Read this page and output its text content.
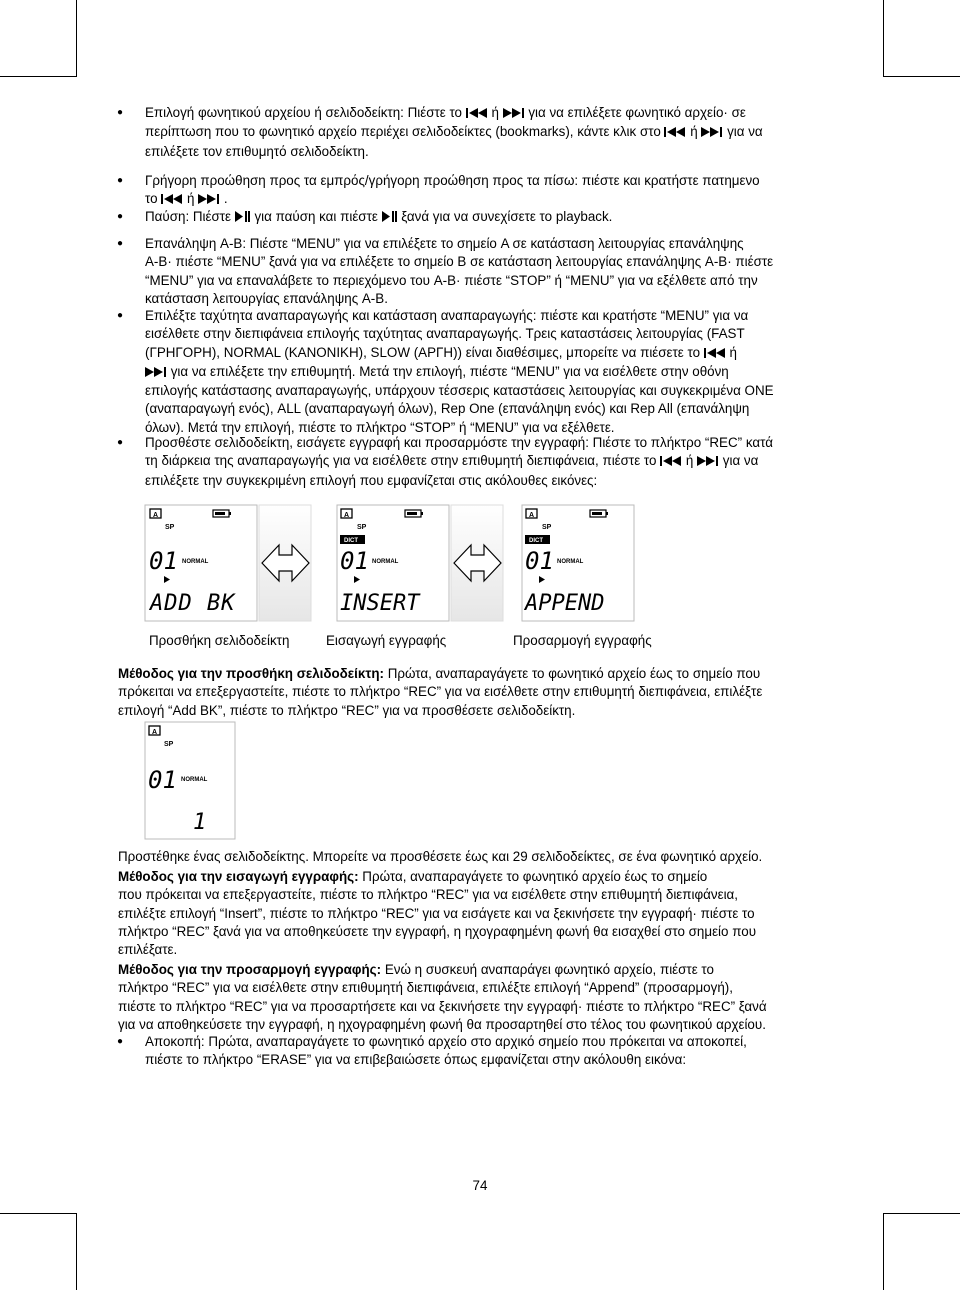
●
●
●
●
●
●
●
Επιλογή φωνητικού αρχείου ή σελιδοδείκτη: Πιέστε το  ή  για να επιλέξετε φωνητικό αρχείο· σε
περίπτωση που το φωνητικό αρχείο περιέχει σελιδοδείκτες (bookmarks), κάντε κλικ στο  ή  για να
επιλέξετε τον επιθυμητό σελιδοδείκτη.
Γρήγορη προώθηση προς τα εμπρός/γρήγορη προώθηση προς τα πίσω: πιέστε και κρατήστε πατημενο
το  ή  .
Παύση: Πιέστε  για παύση και πιέστε  ξανά για να συνεχίσετε το playback.
Επανάληψη A-B: Πιέστε “MENU” για να επιλέξετε το σημείο A σε κατάσταση λειτουργίας επανάληψης
A-B· πιέστε “MENU” ξανά για να επιλέξετε το σημείο B σε κατάσταση λειτουργίας επανάληψης A-B· πιέστε
“MENU” για να επαναλάβετε το περιεχόμενο του A-B· πιέστε “STOP” ή “MENU” για να εξέλθετε από την
κατάσταση λειτουργίας επανάληψης A-B.
Επιλέξτε ταχύτητα αναπαραγωγής και κατάσταση αναπαραγωγής: πιέστε και κρατήστε “MENU” για να
εισέλθετε στην διεπιφάνεια επιλογής ταχύτητας αναπαραγωγής. Τρεις καταστάσεις λειτουργίας (FAST
(ΓΡΗΓΟΡΗ), NORMAL (ΚΑΝΟΝΙΚΗ), SLOW (ΑΡΓΗ)) είναι διαθέσιμες, μπορείτε να πιέσετε το  ή
για να επιλέξετε την επιθυμητή. Μετά την επιλογή, πιέστε “MENU” για να εισέλθετε στην οθόνη
επιλογής κατάστασης αναπαραγωγής, υπάρχουν τέσσερις καταστάσεις λειτουργίας και συγκεκριμένα ONE
(αναπαραγωγή ενός), ALL (αναπαραγωγή όλων), Rep One (επανάληψη ενός) και Rep All (επανάληψη
όλων). Μετά την επιλογή, πιέστε το πλήκτρο “STOP” ή “MENU” για να εξέλθετε.
Προσθέστε σελιδοδείκτη, εισάγετε εγγραφή και προσαρμόστε την εγγραφή: Πιέστε το πλήκτρο “REC” κατά
τη διάρκεια της αναπαραγωγής για να εισέλθετε στην επιθυμητή διεπιφάνεια, πιέστε το  ή  για να
επιλέξετε την συγκεκριμένη επιλογή που εμφανίζεται στις ακόλουθες εικόνες:
A
SP
01 NORMAL
ADD BK
A
SP
DICT
01 NORMAL
INSERT
A
SP
DICT
01 NORMAL
APPEND
A
SP
01 NORMAL
1
Προσθήκη σελιδοδείκτη	Εισαγωγή εγγραφής	Προσαρμογή εγγραφής
Μέθοδος για την προσθήκη σελιδοδείκτη: Πρώτα, αναπαραγάγετε το φωνητικό αρχείο έως το σημείο που
πρόκειται να επεξεργαστείτε, πιέστε το πλήκτρο “REC” για να εισέλθετε στην επιθυμητή διεπιφάνεια, επιλέξτε
επιλογή “Add BK”, πιέστε το πλήκτρο “REC” για να προσθέσετε σελιδοδείκτη.
Προστέθηκε ένας σελιδοδείκτης. Μπορείτε να προσθέσετε έως και 29 σελιδοδείκτες, σε ένα φωνητικό αρχείο.
Μέθοδος για την εισαγωγή εγγραφής: Πρώτα, αναπαραγάγετε το φωνητικό αρχείο έως το σημείο
που πρόκειται να επεξεργαστείτε, πιέστε το πλήκτρο “REC” για να εισέλθετε στην επιθυμητή διεπιφάνεια,
επιλέξτε επιλογή “Insert”, πιέστε το πλήκτρο “REC” για να εισάγετε και να ξεκινήσετε την εγγραφή· πιέστε το
πλήκτρο “REC” ξανά για να αποθηκεύσετε την εγγραφή, η ηχογραφημένη φωνή θα εισαχθεί στο σημείο που
επιλέξατε.
Μέθοδος για την προσαρμογή εγγραφής: Ενώ η συσκευή αναπαράγει φωνητικό αρχείο, πιέστε το
πλήκτρο “REC” για να εισέλθετε στην επιθυμητή διεπιφάνεια, επιλέξτε επιλογή “Append” (προσαρμογή),
πιέστε το πλήκτρο “REC” για να προσαρτήσετε και να ξεκινήσετε την εγγραφή· πιέστε το πλήκτρο “REC” ξανά
για να αποθηκεύσετε την εγγραφή, η ηχογραφημένη φωνή θα προσαρτηθεί στο τέλος του φωνητικού αρχείου.
Αποκοπή: Πρώτα, αναπαραγάγετε το φωνητικό αρχείο στο αρχικό σημείο που πρόκειται να αποκοπεί,
πιέστε το πλήκτρο “ERASE” για να επιβεβαιώσετε όπως εμφανίζεται στην ακόλουθη εικόνα:
74
